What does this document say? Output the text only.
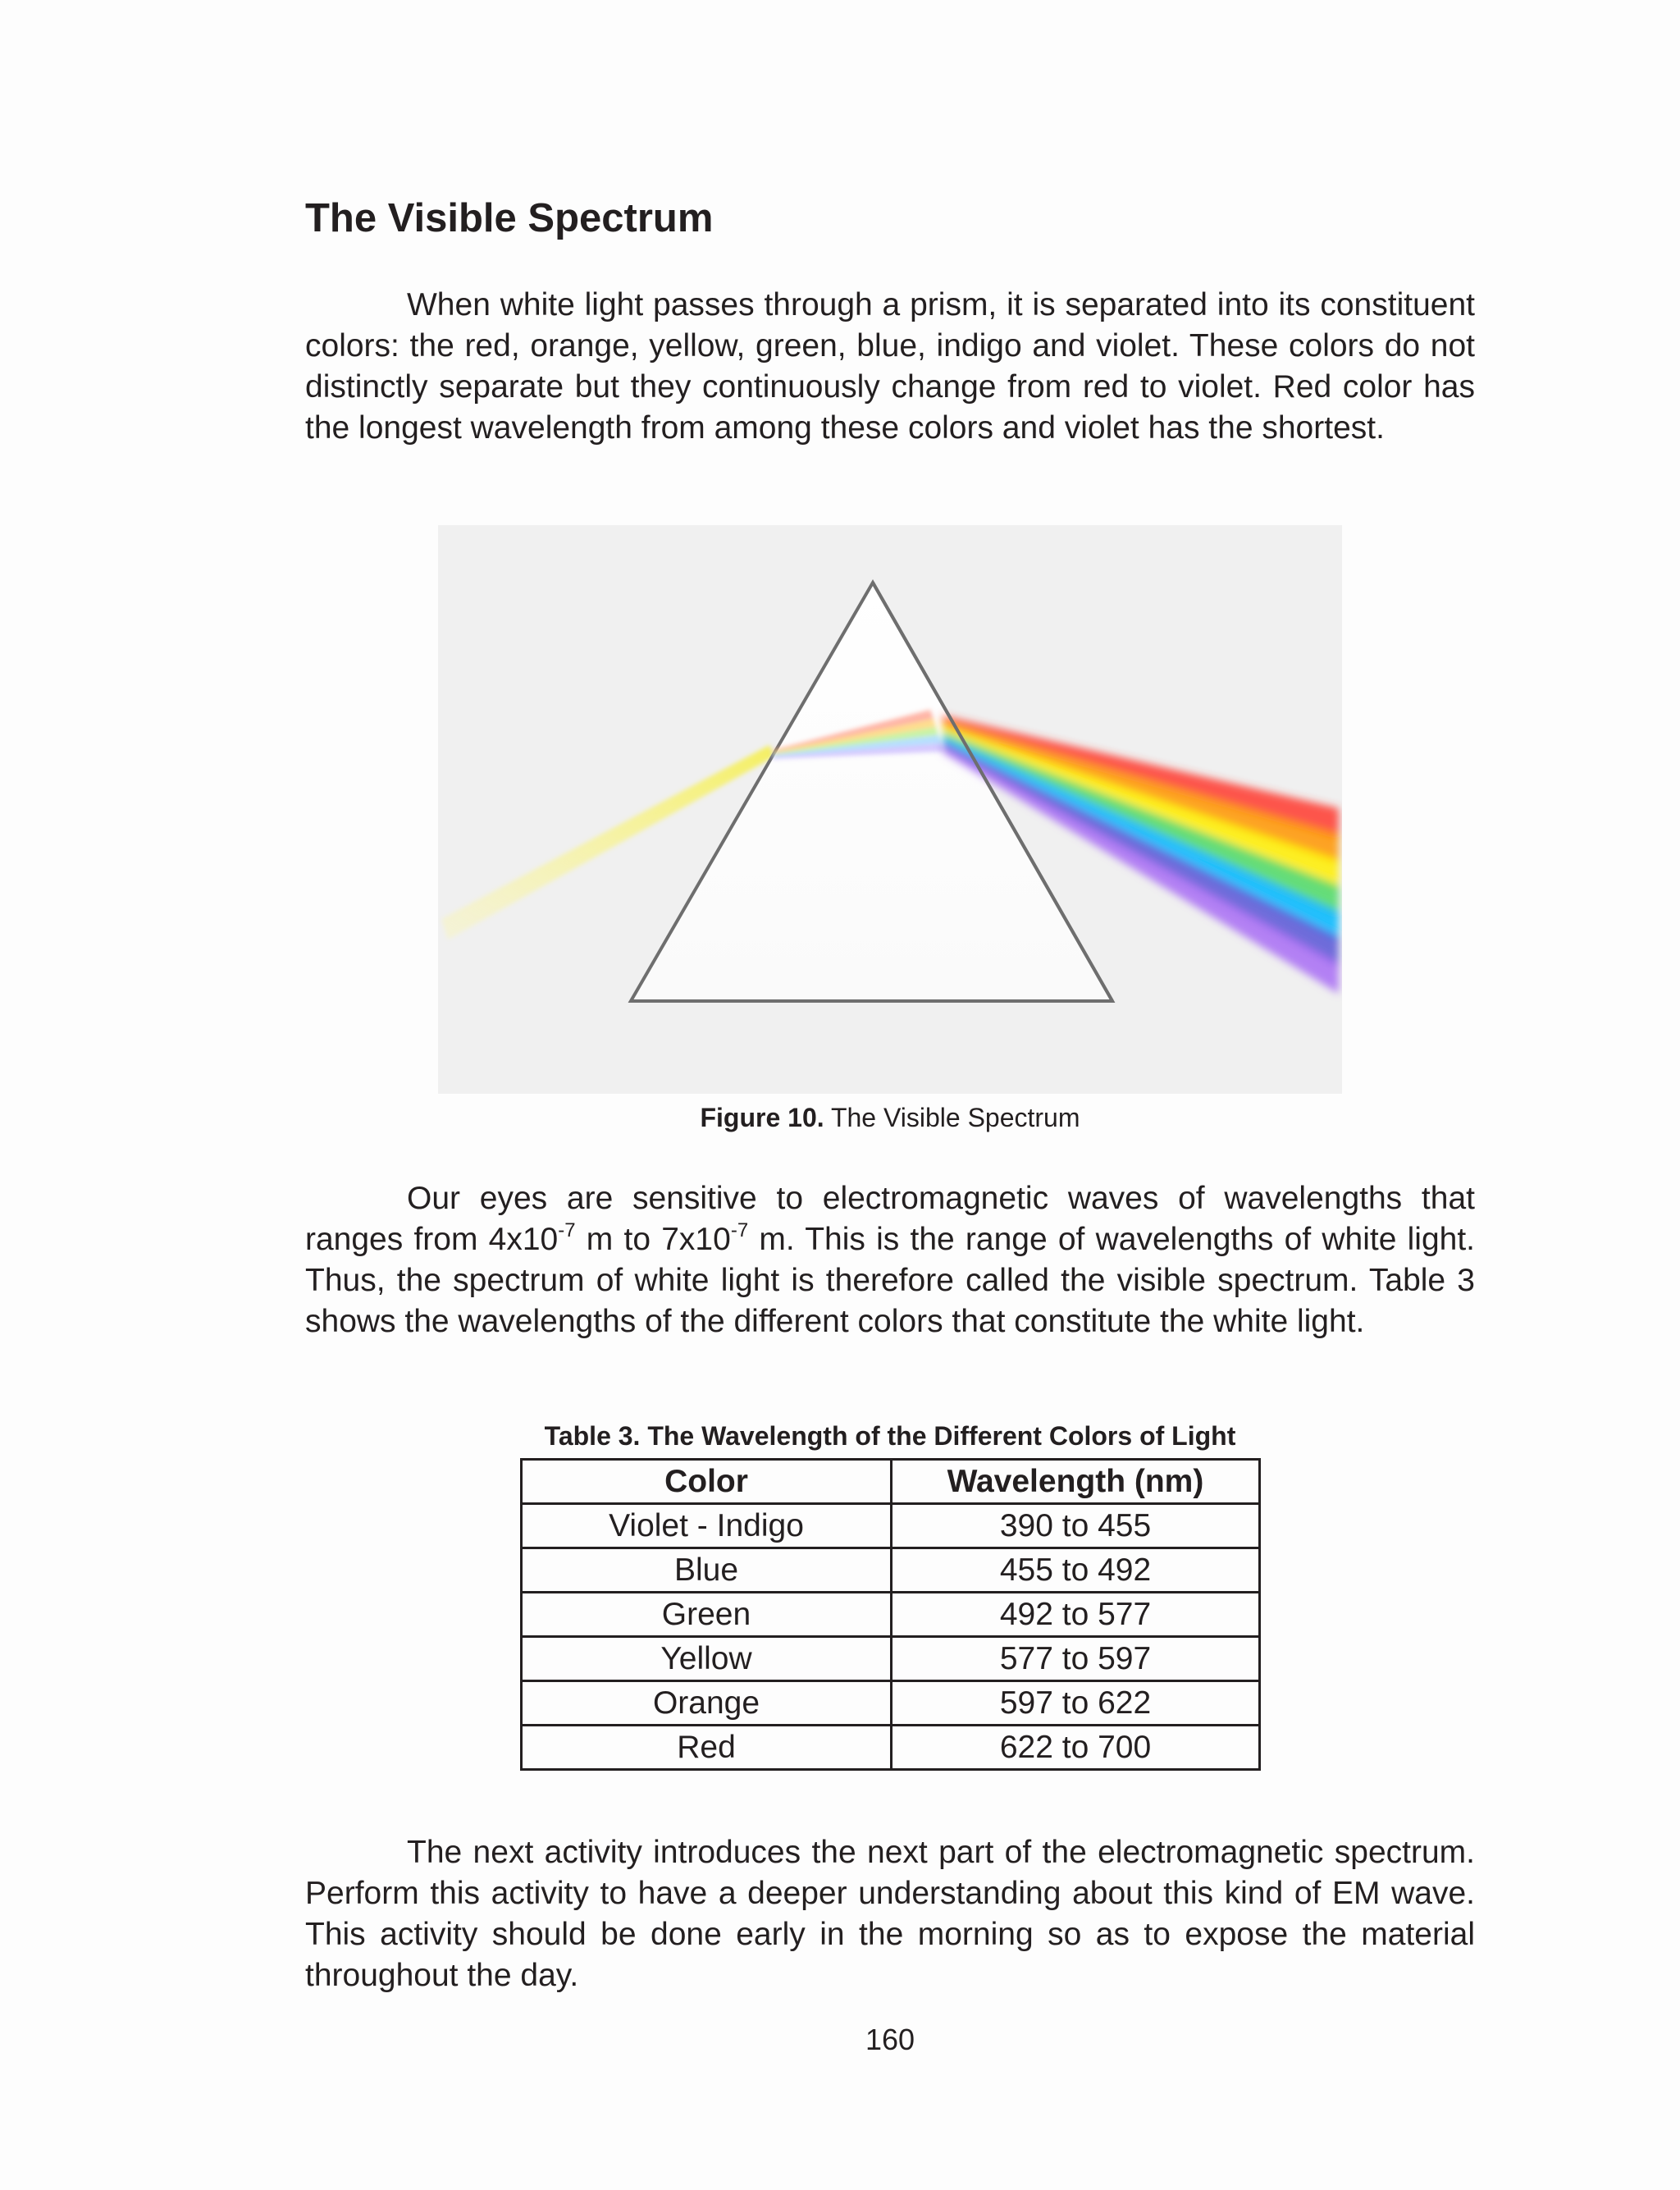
The Visible Spectrum

When white light passes through a prism, it is separated into its constituent colors: the red, orange, yellow, green, blue, indigo and violet. These colors do not distinctly separate but they continuously change from red to violet. Red color has the longest wavelength from among these colors and violet has the shortest.

Figure 10. The Visible Spectrum

Our eyes are sensitive to electromagnetic waves of wavelengths that ranges from $4x10^{-7}$ m to $7x10^{-7}$ m. This is the range of wavelengths of white light. Thus, the spectrum of white light is therefore called the visible spectrum. Table 3 shows the wavelengths of the different colors that constitute the white light.

Table 3. The Wavelength of the Different Colors of Light

Color	Wavelength (nm)
Violet - Indigo	390 to 455
Blue	455 to 492
Green	492 to 577
Yellow	577 to 597
Orange	597 to 622
Red	622 to 700

The next activity introduces the next part of the electromagnetic spectrum. Perform this activity to have a deeper understanding about this kind of EM wave. This activity should be done early in the morning so as to expose the material throughout the day.

160
